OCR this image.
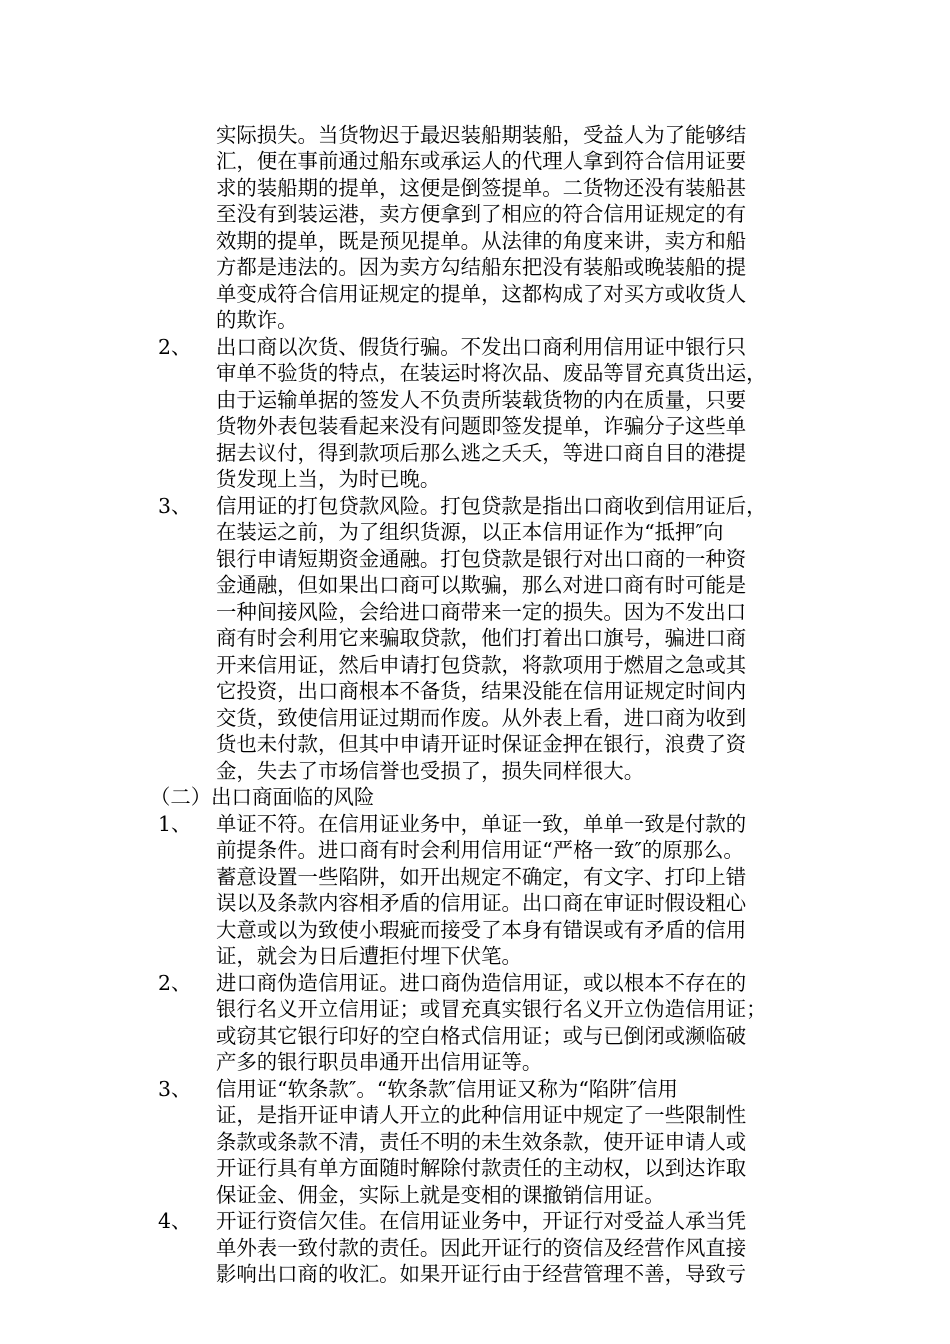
实际损失。当货物迟于最迟装船期装船，受益人为了能够结
汇，便在事前通过船东或承运人的代理人拿到符合信用证要
求的装船期的提单，这便是倒签提单。二货物还没有装船甚
至没有到装运港，卖方便拿到了相应的符合信用证规定的有
效期的提单，既是预见提单。从法律的角度来讲，卖方和船
方都是违法的。因为卖方勾结船东把没有装船或晚装船的提
单变成符合信用证规定的提单，这都构成了对买方或收货人
的欺诈。
2、 出口商以次货、假货行骗。不发出口商利用信用证中银行只
审单不验货的特点，在装运时将次品、废品等冒充真货出运，
由于运输单据的签发人不负责所装载货物的内在质量，只要
货物外表包装看起来没有问题即签发提单，诈骗分子这些单
据去议付，得到款项后那么逃之夭夭，等进口商自目的港提
货发现上当，为时已晚。
3、 信用证的打包贷款风险。打包贷款是指出口商收到信用证后，
在装运之前，为了组织货源，以正本信用证作为“抵押″向
银行申请短期资金通融。打包贷款是银行对出口商的一种资
金通融，但如果出口商可以欺骗，那么对进口商有时可能是
一种间接风险，会给进口商带来一定的损失。因为不发出口
商有时会利用它来骗取贷款，他们打着出口旗号，骗进口商
开来信用证，然后申请打包贷款，将款项用于燃眉之急或其
它投资，出口商根本不备货，结果没能在信用证规定时间内
交货，致使信用证过期而作废。从外表上看，进口商为收到
货也未付款，但其中申请开证时保证金押在银行，浪费了资
金，失去了市场信誉也受损了，损失同样很大。
（二）出口商面临的风险
1、 单证不符。在信用证业务中，单证一致，单单一致是付款的
前提条件。进口商有时会利用信用证“严格一致″的原那么。
蓄意设置一些陷阱，如开出规定不确定，有文字、打印上错
误以及条款内容相矛盾的信用证。出口商在审证时假设粗心
大意或以为致使小瑕疵而接受了本身有错误或有矛盾的信用
证，就会为日后遭拒付埋下伏笔。
2、 进口商伪造信用证。进口商伪造信用证，或以根本不存在的
银行名义开立信用证；或冒充真实银行名义开立伪造信用证；
或窃其它银行印好的空白格式信用证；或与已倒闭或濒临破
产多的银行职员串通开出信用证等。
3、 信用证“软条款″。“软条款″信用证又称为“陷阱″信用
证，是指开证申请人开立的此种信用证中规定了一些限制性
条款或条款不清，责任不明的未生效条款，使开证申请人或
开证行具有单方面随时解除付款责任的主动权，以到达诈取
保证金、佣金，实际上就是变相的课撤销信用证。
4、 开证行资信欠佳。在信用证业务中，开证行对受益人承当凭
单外表一致付款的责任。因此开证行的资信及经营作风直接
影响出口商的收汇。如果开证行由于经营管理不善，导致亏
